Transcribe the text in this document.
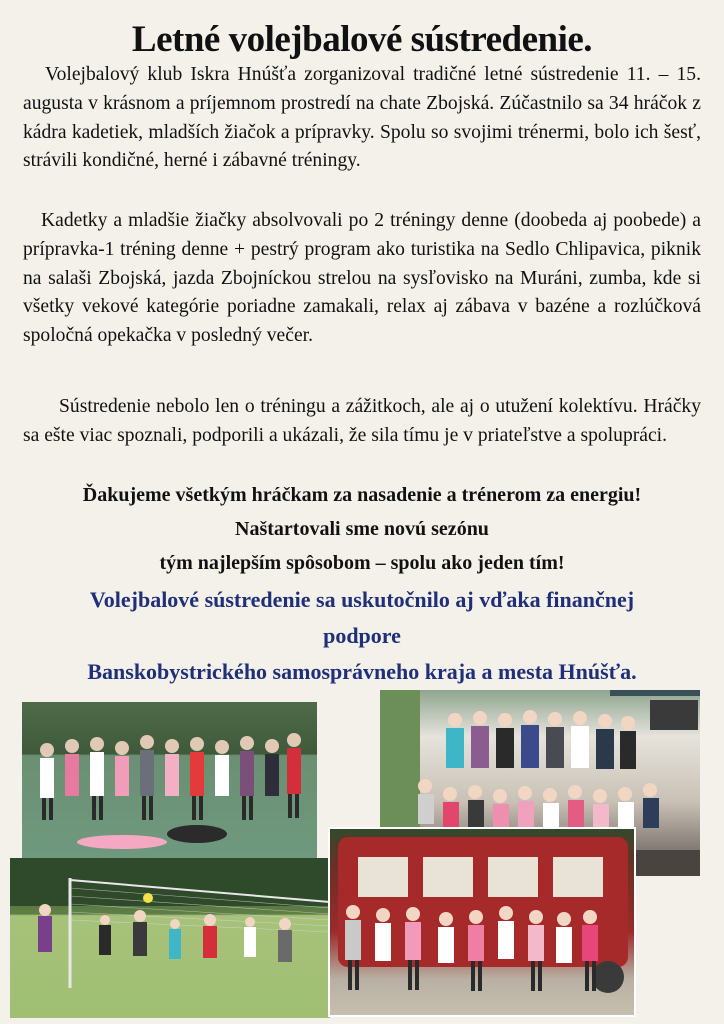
Letné volejbalové sústredenie.

Volejbalový klub Iskra Hnúšťa zorganizoval tradičné letné sústredenie 11. – 15. augusta v krásnom a príjemnom prostredí na chate Zbojská. Zúčastnilo sa 34 hráčok z kádra kadetiek, mladších žiačok a prípravky. Spolu so svojimi trénermi, bolo ich šesť, strávili kondičné, herné i zábavné tréningy.

Kadetky a mladšie žiačky absolvovali po 2 tréningy denne (doobeda aj poobede) a prípravka-1 tréning denne + pestrý program ako turistika na Sedlo Chlipavica, piknik na salaši Zbojská, jazda Zbojníckou strelou na sysľovisko na Muráni, zumba, kde si všetky vekové kategórie poriadne zamakali, relax aj zábava v bazéne a rozlúčková spoločná opekačka v posledný večer.

Sústredenie nebolo len o tréningu a zážitkoch, ale aj o utužení kolektívu. Hráčky sa ešte viac spoznali, podporili a ukázali, že sila tímu je v priateľstve a spolupráci.

Ďakujeme všetkým hráčkam za nasadenie a trénerom za energiu!
Naštartovali sme novú sezónu
tým najlepším spôsobom – spolu ako jeden tím!
Volejbalové sústredenie sa uskutočnilo aj vďaka finančnej
podpore
Banskobystrického samosprávneho kraja a mesta Hnúšťa.
